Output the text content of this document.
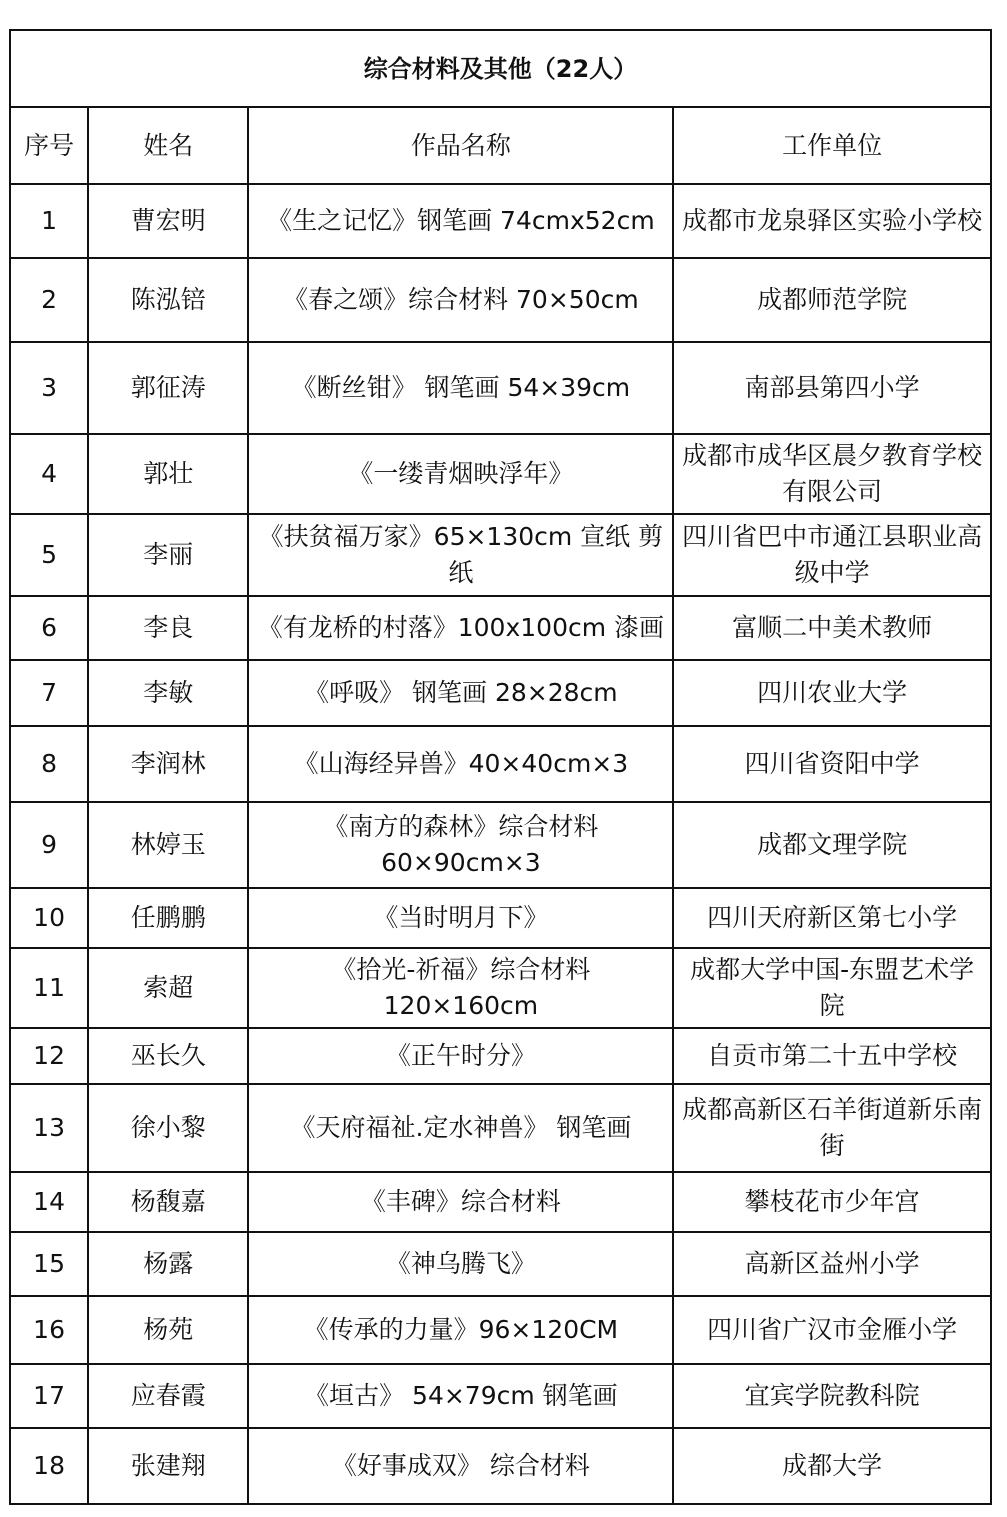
综合材料及其他（22人）			
序号	姓名	作品名称	工作单位
1	曹宏明	《生之记忆》钢笔画 74cmx52cm	成都市龙泉驿区实验小学校
2	陈泓锫	《春之颂》综合材料 70×50cm	成都师范学院
3	郭征涛	《断丝钳》 钢笔画 54×39cm	南部县第四小学
4	郭壮	《一缕青烟映浮年》	成都市成华区晨夕教育学校有限公司
5	李丽	《扶贫福万家》65×130cm 宣纸 剪纸	四川省巴中市通江县职业高级中学
6	李良	《有龙桥的村落》100x100cm 漆画	富顺二中美术教师
7	李敏	《呼吸》 钢笔画 28×28cm	四川农业大学
8	李润林	《山海经异兽》40×40cm×3	四川省资阳中学
9	林婷玉	《南方的森林》综合材料 60×90cm×3	成都文理学院
10	任鹏鹏	《当时明月下》	四川天府新区第七小学
11	索超	《拾光-祈福》综合材料 120×160cm	成都大学中国-东盟艺术学院
12	巫长久	《正午时分》	自贡市第二十五中学校
13	徐小黎	《天府福祉.定水神兽》 钢笔画	成都高新区石羊街道新乐南街
14	杨馥嘉	《丰碑》综合材料	攀枝花市少年宫
15	杨露	《神乌腾飞》	高新区益州小学
16	杨苑	《传承的力量》96×120CM	四川省广汉市金雁小学
17	应春霞	《垣古》 54×79cm 钢笔画	宜宾学院教科院
18	张建翔	《好事成双》 综合材料	成都大学
